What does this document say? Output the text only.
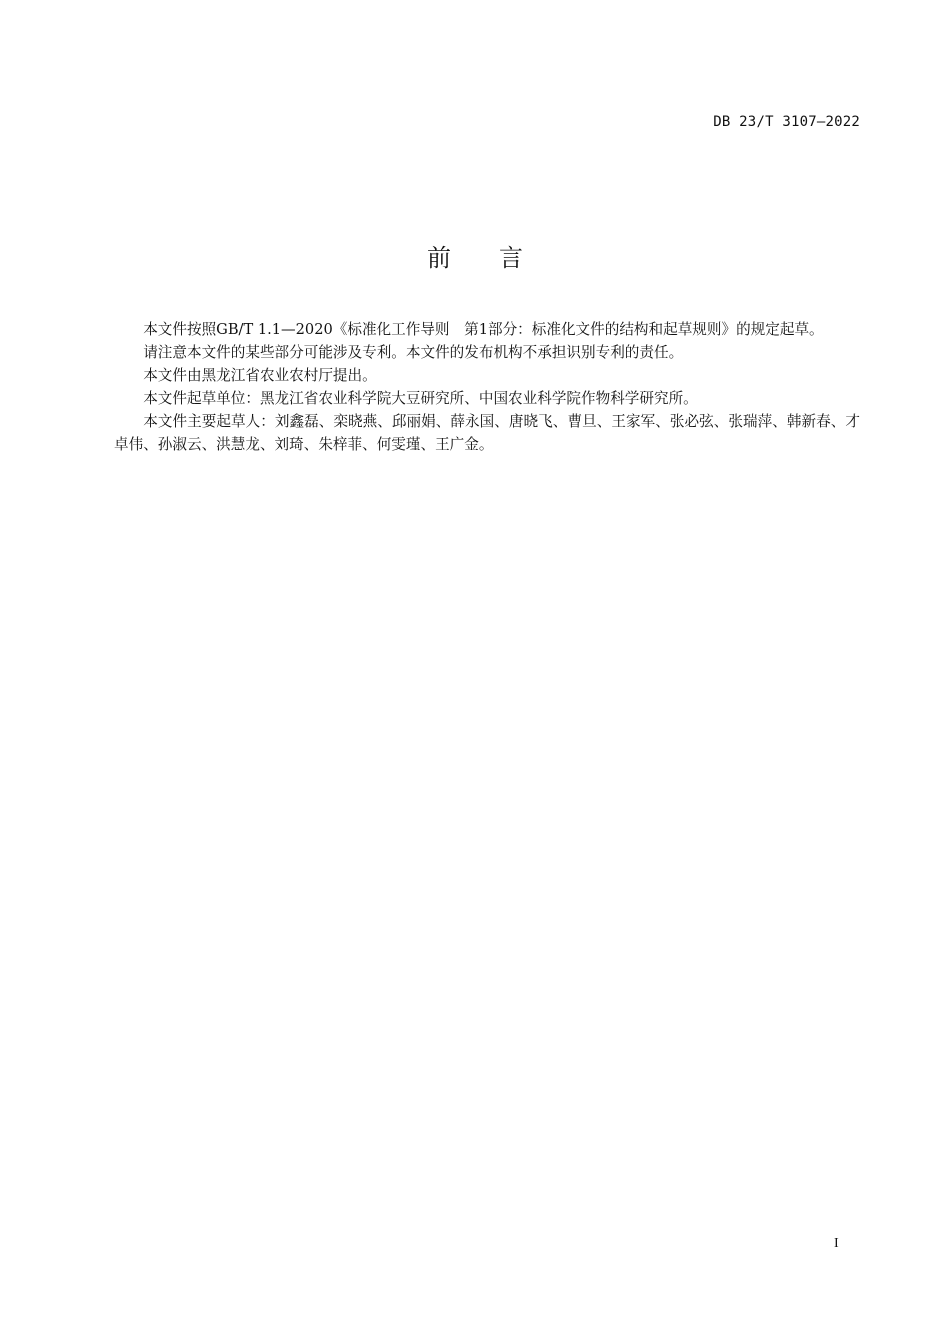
DB 23/T 3107—2022
前　　言

本文件按照GB/T 1.1—2020《标准化工作导则　第1部分：标准化文件的结构和起草规则》的规定起草。

请注意本文件的某些部分可能涉及专利。本文件的发布机构不承担识别专利的责任。

本文件由黑龙江省农业农村厅提出。

本文件起草单位：黑龙江省农业科学院大豆研究所、中国农业科学院作物科学研究所。

本文件主要起草人：刘鑫磊、栾晓燕、邱丽娟、薛永国、唐晓飞、曹旦、王家军、张必弦、张瑞萍、韩新春、才卓伟、孙淑云、洪慧龙、刘琦、朱梓菲、何雯瑾、王广金。

I
